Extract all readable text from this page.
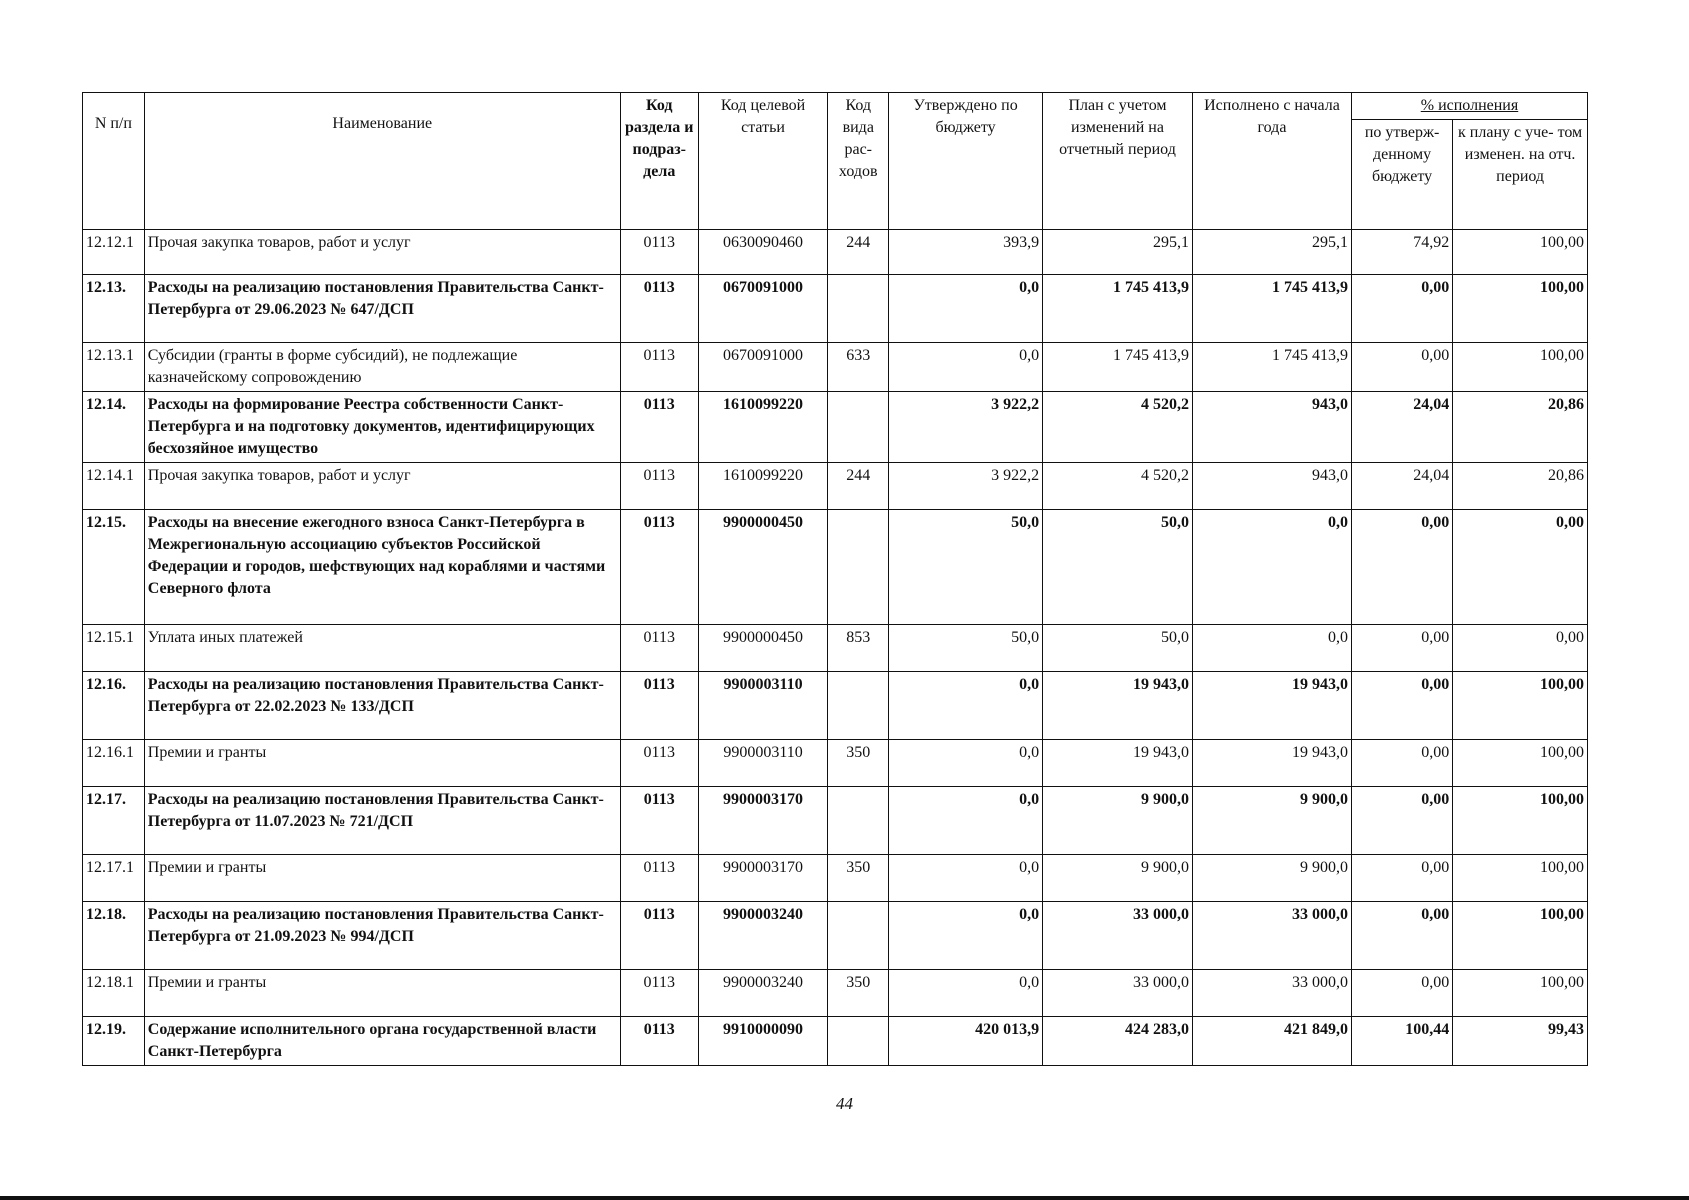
N п/п	Наименование	Код раздела и подраз- дела	Код целевой статьи	Код вида рас- ходов	Утверждено по бюджету	План с учетом изменений на отчетный период	Исполнено с начала года	% исполнения	
								по утверж- денному бюджету	к плану с уче- том изменен. на отч. период
12.12.1	Прочая закупка товаров, работ и услуг	0113	0630090460	244	393,9	295,1	295,1	74,92	100,00
12.13.	Расходы на реализацию постановления Правительства Санкт-Петербурга от 29.06.2023 № 647/ДСП	0113	0670091000		0,0	1 745 413,9	1 745 413,9	0,00	100,00
12.13.1	Субсидии (гранты в форме субсидий), не подлежащие казначейскому сопровождению	0113	0670091000	633	0,0	1 745 413,9	1 745 413,9	0,00	100,00
12.14.	Расходы на формирование Реестра собственности Санкт-Петербурга и на подготовку документов, идентифицирующих бесхозяйное имущество	0113	1610099220		3 922,2	4 520,2	943,0	24,04	20,86
12.14.1	Прочая закупка товаров, работ и услуг	0113	1610099220	244	3 922,2	4 520,2	943,0	24,04	20,86
12.15.	Расходы на внесение ежегодного взноса Санкт-Петербурга в Межрегиональную ассоциацию субъектов Российской Федерации и городов, шефствующих над кораблями и частями Северного флота	0113	9900000450		50,0	50,0	0,0	0,00	0,00
12.15.1	Уплата иных платежей	0113	9900000450	853	50,0	50,0	0,0	0,00	0,00
12.16.	Расходы на реализацию постановления Правительства Санкт-Петербурга от 22.02.2023 № 133/ДСП	0113	9900003110		0,0	19 943,0	19 943,0	0,00	100,00
12.16.1	Премии и гранты	0113	9900003110	350	0,0	19 943,0	19 943,0	0,00	100,00
12.17.	Расходы на реализацию постановления Правительства Санкт-Петербурга от 11.07.2023 № 721/ДСП	0113	9900003170		0,0	9 900,0	9 900,0	0,00	100,00
12.17.1	Премии и гранты	0113	9900003170	350	0,0	9 900,0	9 900,0	0,00	100,00
12.18.	Расходы на реализацию постановления Правительства Санкт-Петербурга от 21.09.2023 № 994/ДСП	0113	9900003240		0,0	33 000,0	33 000,0	0,00	100,00
12.18.1	Премии и гранты	0113	9900003240	350	0,0	33 000,0	33 000,0	0,00	100,00
12.19.	Содержание исполнительного органа государственной власти Санкт-Петербурга	0113	9910000090		420 013,9	424 283,0	421 849,0	100,44	99,43
44
